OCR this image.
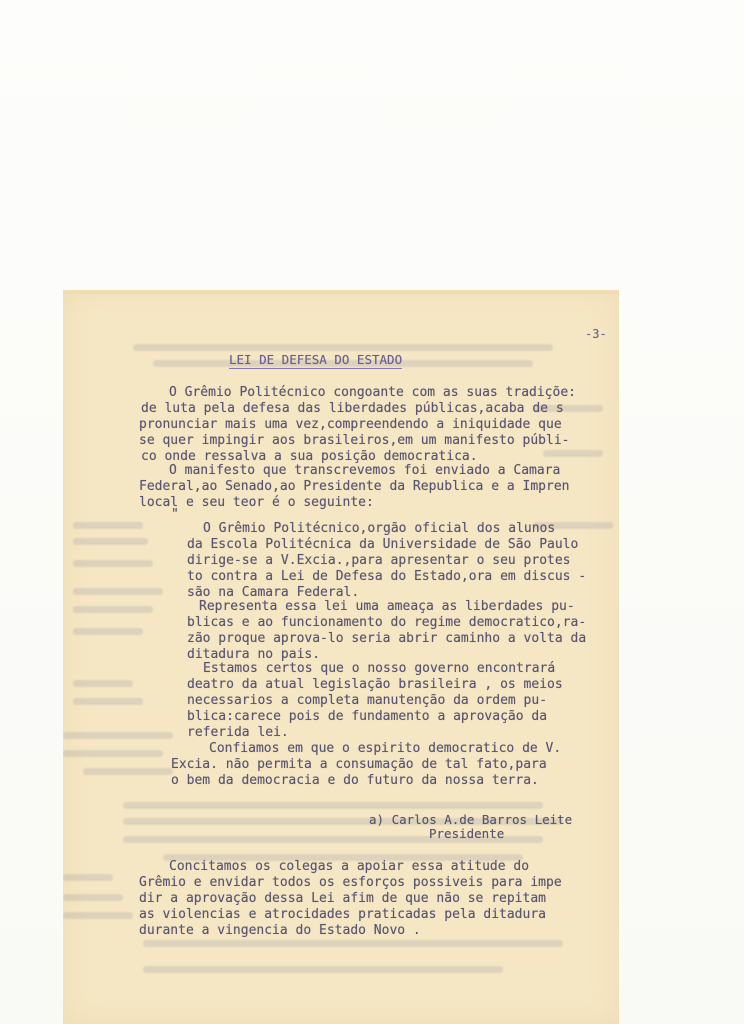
-3-
LEI DE DEFESA DO ESTADO
O Grêmio Politécnico congoante com as suas tradiçõe:
de luta pela defesa das liberdades públicas,acaba de s
pronunciar mais uma vez,compreendendo a iniquidade que
se quer impingir aos brasileiros,em um manifesto públi-
co onde ressalva a sua posição democratica.
O manifesto que transcrevemos foi enviado a Camara
Federal,ao Senado,ao Presidente da Republica e a Impren
local e seu teor é o seguinte:
"
O Grêmio Politécnico,orgão oficial dos alunos
da Escola Politécnica da Universidade de São Paulo
dirige-se a V.Excia.,para apresentar o seu protes
to contra a Lei de Defesa do Estado,ora em discus -
são na Camara Federal.
Representa essa lei uma ameaça as liberdades pu-
blicas e ao funcionamento do regime democratico,ra-
zão proque aprova-lo seria abrir caminho a volta da
ditadura no pais.
Estamos certos que o nosso governo encontrará
deatro da atual legislação brasileira , os meios
necessarios a completa manutenção da ordem pu-
blica:carece pois de fundamento a aprovação da
referida lei.
Confiamos em que o espirito democratico de V.
Excia. não permita a consumação de tal fato,para
o bem da democracia e do futuro da nossa terra.
a) Carlos A.de Barros Leite
Presidente
Concitamos os colegas a apoiar essa atitude do
Grêmio e envidar todos os esforços possiveis para impe
dir a aprovação dessa Lei afim de que não se repitam
as violencias e atrocidades praticadas pela ditadura
durante a vingencia do Estado Novo .
